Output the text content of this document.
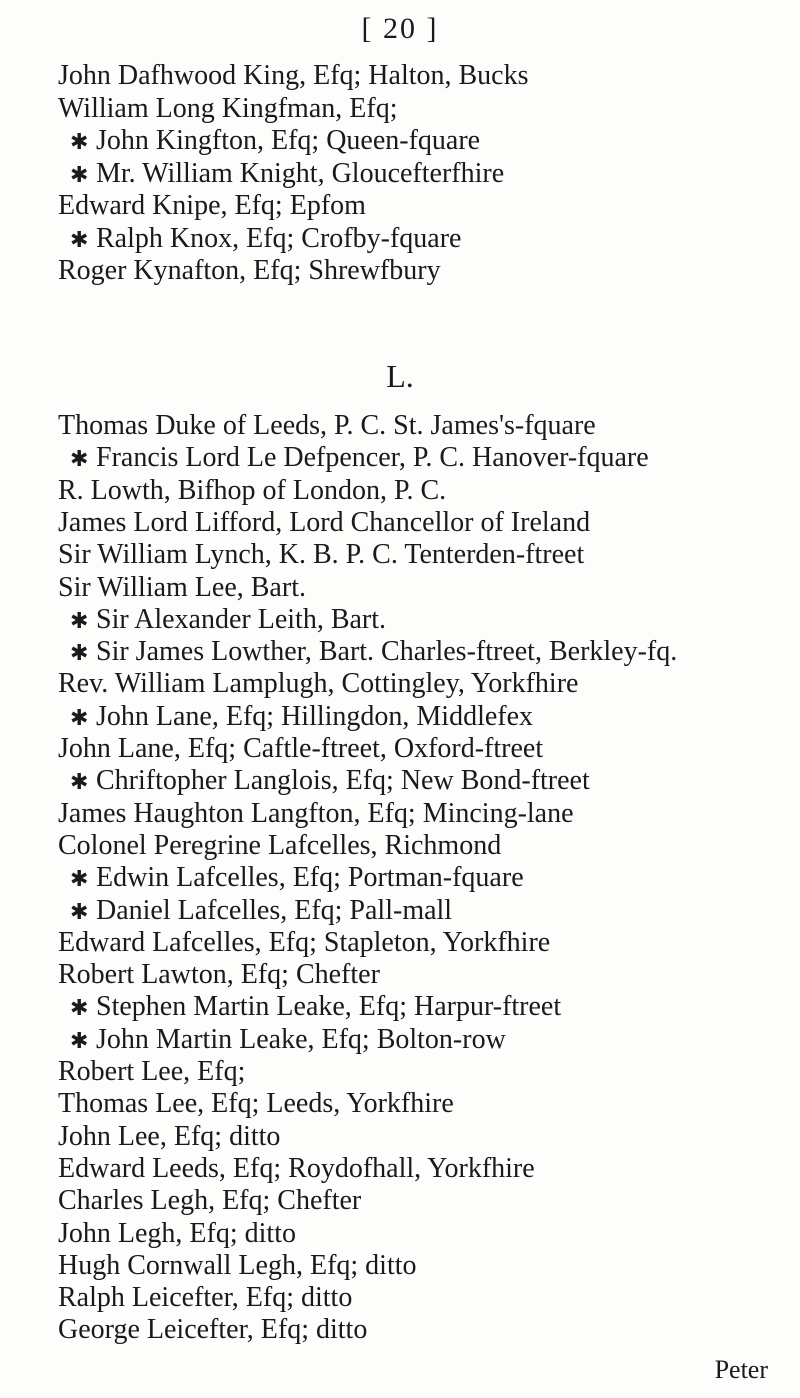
[ 20 ]
John Dafhwood King, Efq; Halton, Bucks
William Long Kingfman, Efq;
✱ John Kingfton, Efq; Queen-fquare
✱ Mr. William Knight, Gloucefterfhire
Edward Knipe, Efq; Epfom
✱ Ralph Knox, Efq; Crofby-fquare
Roger Kynafton, Efq; Shrewfbury
L.
Thomas Duke of Leeds, P. C. St. James's-fquare
✱ Francis Lord Le Defpencer, P. C. Hanover-fquare
R. Lowth, Bifhop of London, P. C.
James Lord Lifford, Lord Chancellor of Ireland
Sir William Lynch, K. B. P. C. Tenterden-ftreet
Sir William Lee, Bart.
✱ Sir Alexander Leith, Bart.
✱ Sir James Lowther, Bart. Charles-ftreet, Berkley-fq.
Rev. William Lamplugh, Cottingley, Yorkfhire
✱ John Lane, Efq; Hillingdon, Middlefex
John Lane, Efq; Caftle-ftreet, Oxford-ftreet
✱ Chriftopher Langlois, Efq; New Bond-ftreet
James Haughton Langfton, Efq; Mincing-lane
Colonel Peregrine Lafcelles, Richmond
✱ Edwin Lafcelles, Efq; Portman-fquare
✱ Daniel Lafcelles, Efq; Pall-mall
Edward Lafcelles, Efq; Stapleton, Yorkfhire
Robert Lawton, Efq; Chefter
✱ Stephen Martin Leake, Efq; Harpur-ftreet
✱ John Martin Leake, Efq; Bolton-row
Robert Lee, Efq;
Thomas Lee, Efq; Leeds, Yorkfhire
John Lee, Efq; ditto
Edward Leeds, Efq; Roydofhall, Yorkfhire
Charles Legh, Efq; Chefter
John Legh, Efq; ditto
Hugh Cornwall Legh, Efq; ditto
Ralph Leicefter, Efq; ditto
George Leicefter, Efq; ditto
Peter
